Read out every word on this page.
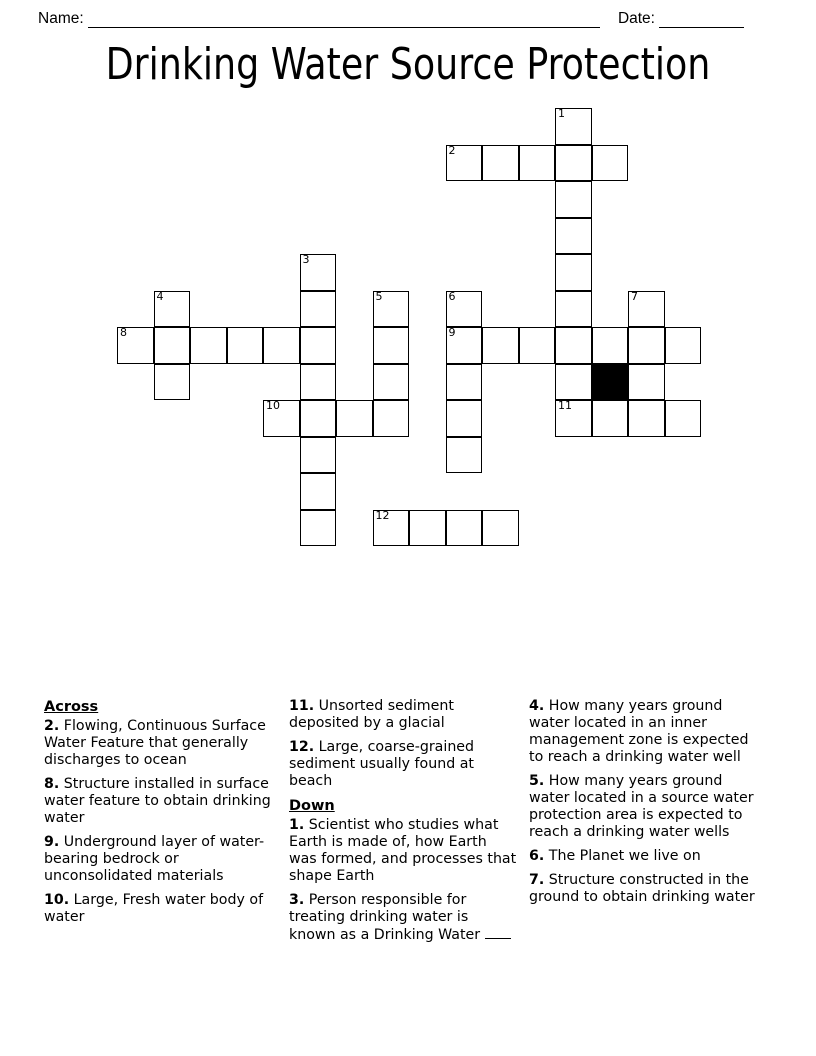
Name:	Date:
Drinking Water Source Protection
1
2
3
4	5	6	7
8	9
10	11
12
Across
2. Flowing, Continuous Surface Water Feature that generally discharges to ocean
8. Structure installed in surface water feature to obtain drinking water
9. Underground layer of water-bearing bedrock or unconsolidated materials
10. Large, Fresh water body of water
11. Unsorted sediment deposited by a glacial
12. Large, coarse-grained sediment usually found at beach
Down
1. Scientist who studies what Earth is made of, how Earth was formed, and processes that shape Earth
3. Person responsible for treating drinking water is known as a Drinking Water
4. How many years ground water located in an inner management zone is expected to reach a drinking water well
5. How many years ground water located in a source water protection area is expected to reach a drinking water wells
6. The Planet we live on
7. Structure constructed in the ground to obtain drinking water
